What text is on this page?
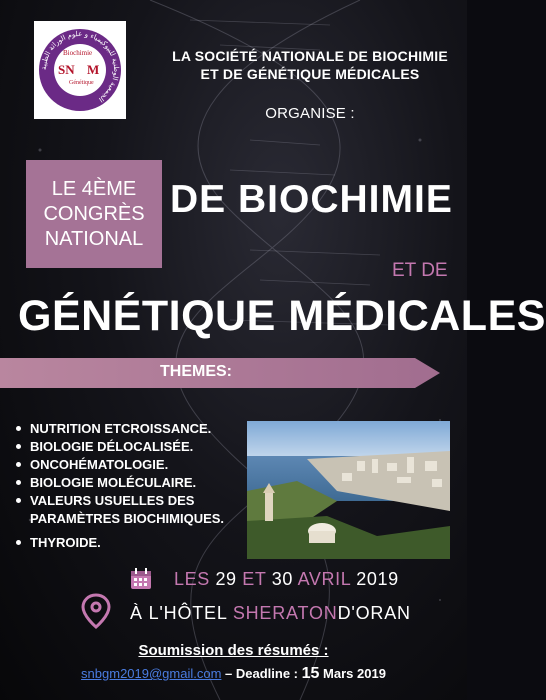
الجمعية الوطنية للبيوكيمياء و علوم الوراثة الطبية
Biochimie
SN M
Génétique
LA SOCIÉTÉ NATIONALE DE BIOCHIMIE
ET DE GÉNÉTIQUE MÉDICALES
ORGANISE :
LE 4ÈME
CONGRÈS
NATIONAL
DE BIOCHIMIE
ET DE
GÉNÉTIQUE MÉDICALES
THEMES:
NUTRITION ETCROISSANCE.
BIOLOGIE DÉLOCALISÉE.
ONCOHÉMATOLOGIE.
BIOLOGIE MOLÉCULAIRE.
VALEURS USUELLES DES PARAMÈTRES BIOCHIMIQUES.
THYROIDE.
LES 29 ET 30 AVRIL 2019
À L'HÔTEL SHERATOND'ORAN
Soumission des résumés :
snbgm2019@gmail.com – Deadline : 15 Mars 2019
